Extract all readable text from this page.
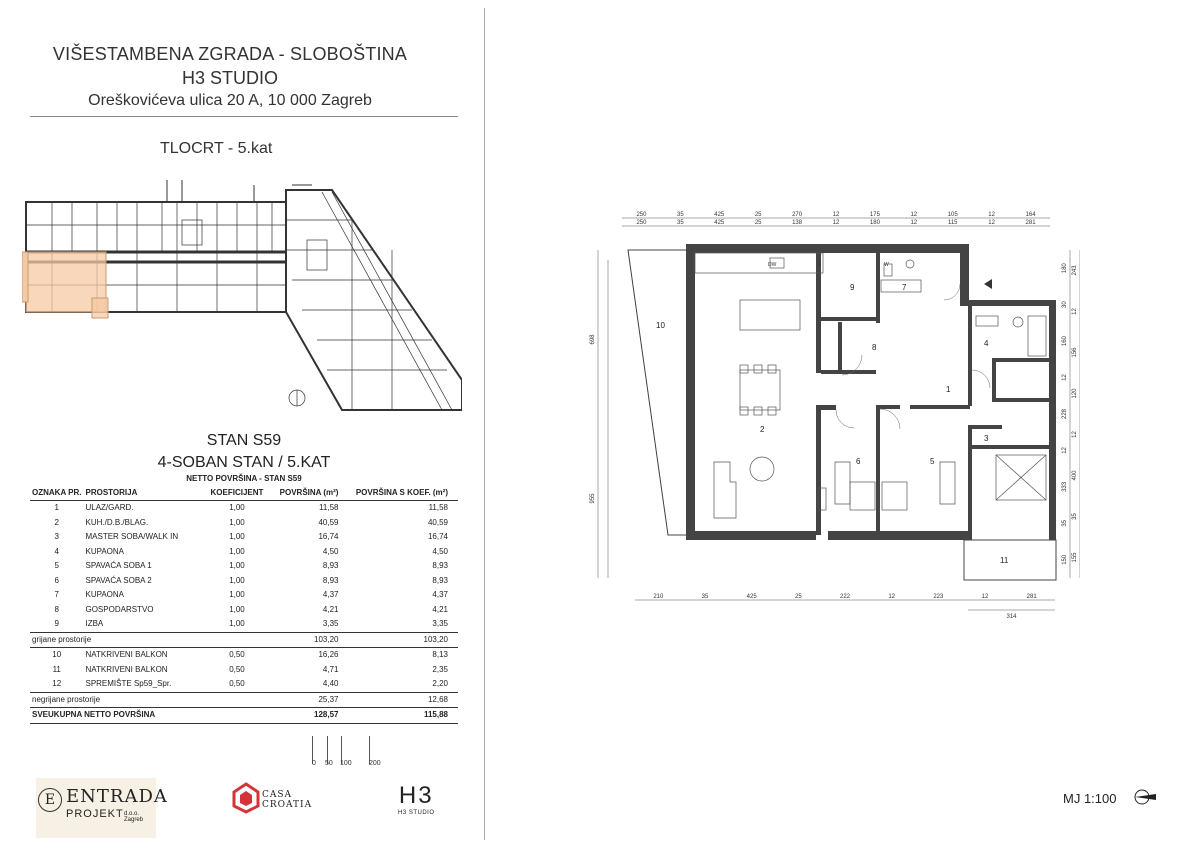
VIŠESTAMBENA ZGRADA - SLOBOŠTINA
H3 STUDIO
Oreškovićeva ulica 20 A, 10 000 Zagreb
TLOCRT - 5.kat
STAN S59
4-SOBAN STAN / 5.KAT
NETTO POVRŠINA - STAN S59
OZNAKA PR.	PROSTORIJA	KOEFICIJENT	POVRŠINA (m²)	POVRŠINA S KOEF. (m²)
1	ULAZ/GARD.	1,00	11,58	11,58
2	KUH./D.B./BLAG.	1,00	40,59	40,59
3	MASTER SOBA/WALK IN	1,00	16,74	16,74
4	KUPAONA	1,00	4,50	4,50
5	SPAVAĆA SOBA 1	1,00	8,93	8,93
6	SPAVAĆA SOBA 2	1,00	8,93	8,93
7	KUPAONA	1,00	4,37	4,37
8	GOSPODARSTVO	1,00	4,21	4,21
9	IZBA	1,00	3,35	3,35
grijane prostorije			103,20	103,20
10	NATKRIVENI BALKON	0,50	16,26	8,13
11	NATKRIVENI BALKON	0,50	4,71	2,35
12	SPREMIŠTE Sp59_Spr.	0,50	4,40	2,20
negrijane prostorije			25,37	12,68
SVEUKUPNA NETTO POVRŠINA			128,57	115,88
0 50 100 200
E ENTRADA
PROJEKT d.o.o. Zagreb
CASA
CROATIA	H3
H3 STUDIO
250	35	425	25	270	12	175	12	105	12	164
250	35	425	25	138	12	180	12	115	12	281
210	35	425	25	222	12	223	12	281
314
698
955
180
30
160
12
228
12
333
35
150
243
12
156
120
12
400
35
155
DW	F	W
1
2
3
4
5
6
7
8
9
10
11
MJ 1:100
